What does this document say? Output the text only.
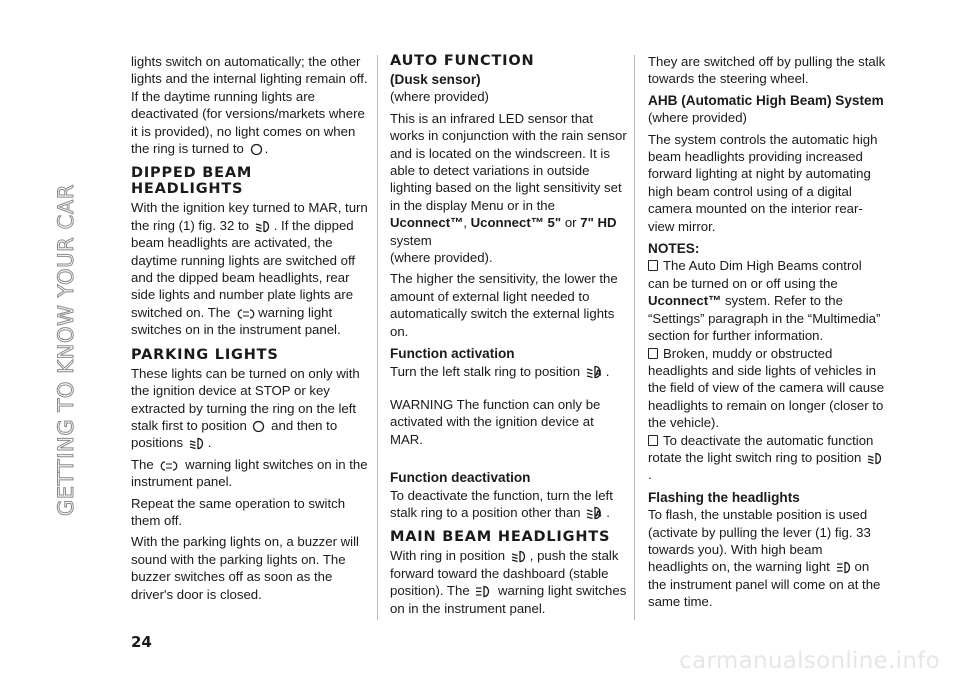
GETTING TO KNOW YOUR CAR

lights switch on automatically; the other lights and the internal lighting remain off. If the daytime running lights are deactivated (for versions/markets where it is provided), no light comes on when the ring is turned to .

DIPPED BEAM HEADLIGHTS

With the ignition key turned to MAR, turn the ring (1) fig. 32 to . If the dipped beam headlights are activated, the daytime running lights are switched off and the dipped beam headlights, rear side lights and number plate lights are switched on. The warning light switches on in the instrument panel.

PARKING LIGHTS

These lights can be turned on only with the ignition device at STOP or key extracted by turning the ring on the left stalk first to position and then to positions .

The warning light switches on in the instrument panel.

Repeat the same operation to switch them off.

With the parking lights on, a buzzer will sound with the parking lights on. The buzzer switches off as soon as the driver's door is closed.

AUTO FUNCTION
(Dusk sensor)

(where provided)

This is an infrared LED sensor that works in conjunction with the rain sensor and is located on the windscreen. It is able to detect variations in outside lighting based on the light sensitivity set in the display Menu or in the Uconnect™, Uconnect™ 5" or 7" HD system
(where provided).

The higher the sensitivity, the lower the amount of external light needed to automatically switch the external lights on.

Function activation

Turn the left stalk ring to position A .

WARNING The function can only be activated with the ignition device at MAR.

Function deactivation

To deactivate the function, turn the left stalk ring to a position other than A .

MAIN BEAM HEADLIGHTS

With ring in position , push the stalk forward toward the dashboard (stable position). The warning light switches on in the instrument panel.

They are switched off by pulling the stalk towards the steering wheel.

AHB (Automatic High Beam) System

(where provided)

The system controls the automatic high beam headlights providing increased forward lighting at night by automating high beam control using of a digital camera mounted on the interior rear-view mirror.

NOTES:

The Auto Dim High Beams control can be turned on or off using the Uconnect™ system. Refer to the “Settings” paragraph in the “Multimedia” section for further information.

Broken, muddy or obstructed headlights and side lights of vehicles in the field of view of the camera will cause headlights to remain on longer (closer to the vehicle).

To deactivate the automatic function rotate the light switch ring to position .

Flashing the headlights

To flash, the unstable position is used (activate by pulling the lever (1) fig. 33 towards you). With high beam headlights on, the warning light on the instrument panel will come on at the same time.

24
carmanualsonline.info
